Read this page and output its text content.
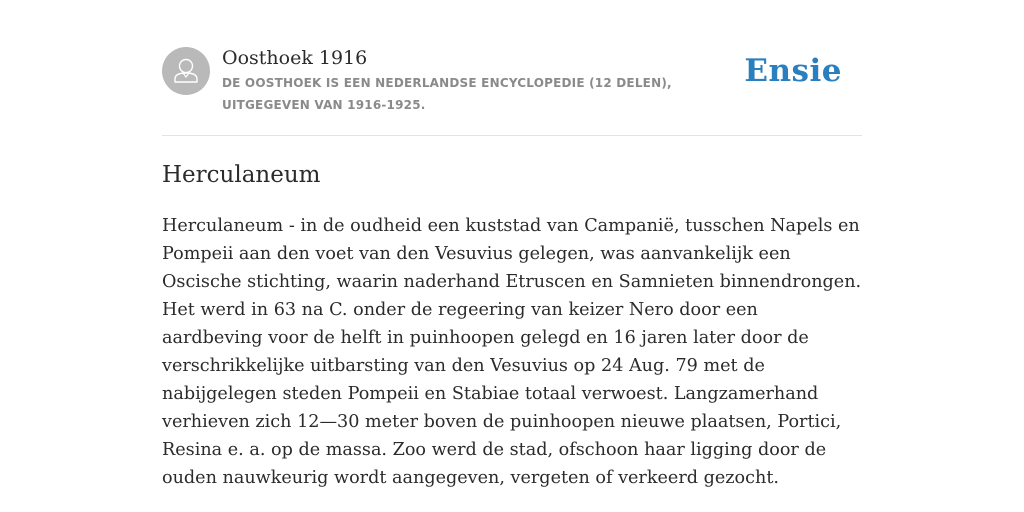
Oosthoek 1916
DE OOSTHOEK IS EEN NEDERLANDSE ENCYCLOPEDIE (12 DELEN), UITGEGEVEN VAN 1916-1925.
Ensie
Herculaneum
Herculaneum - in de oudheid een kuststad van Campanië, tusschen Napels en Pompeii aan den voet van den Vesuvius gelegen, was aanvankelijk een Oscische stichting, waarin naderhand Etruscen en Samnieten binnendrongen. Het werd in 63 na C. onder de regeering van keizer Nero door een aardbeving voor de helft in puinhoopen gelegd en 16 jaren later door de verschrikkelijke uitbarsting van den Vesuvius op 24 Aug. 79 met de nabijgelegen steden Pompeii en Stabiae totaal verwoest. Langzamerhand verhieven zich 12—30 meter boven de puinhoopen nieuwe plaatsen, Portici, Resina e. a. op de massa. Zoo werd de stad, ofschoon haar ligging door de ouden nauwkeurig wordt aangegeven, vergeten of verkeerd gezocht.
